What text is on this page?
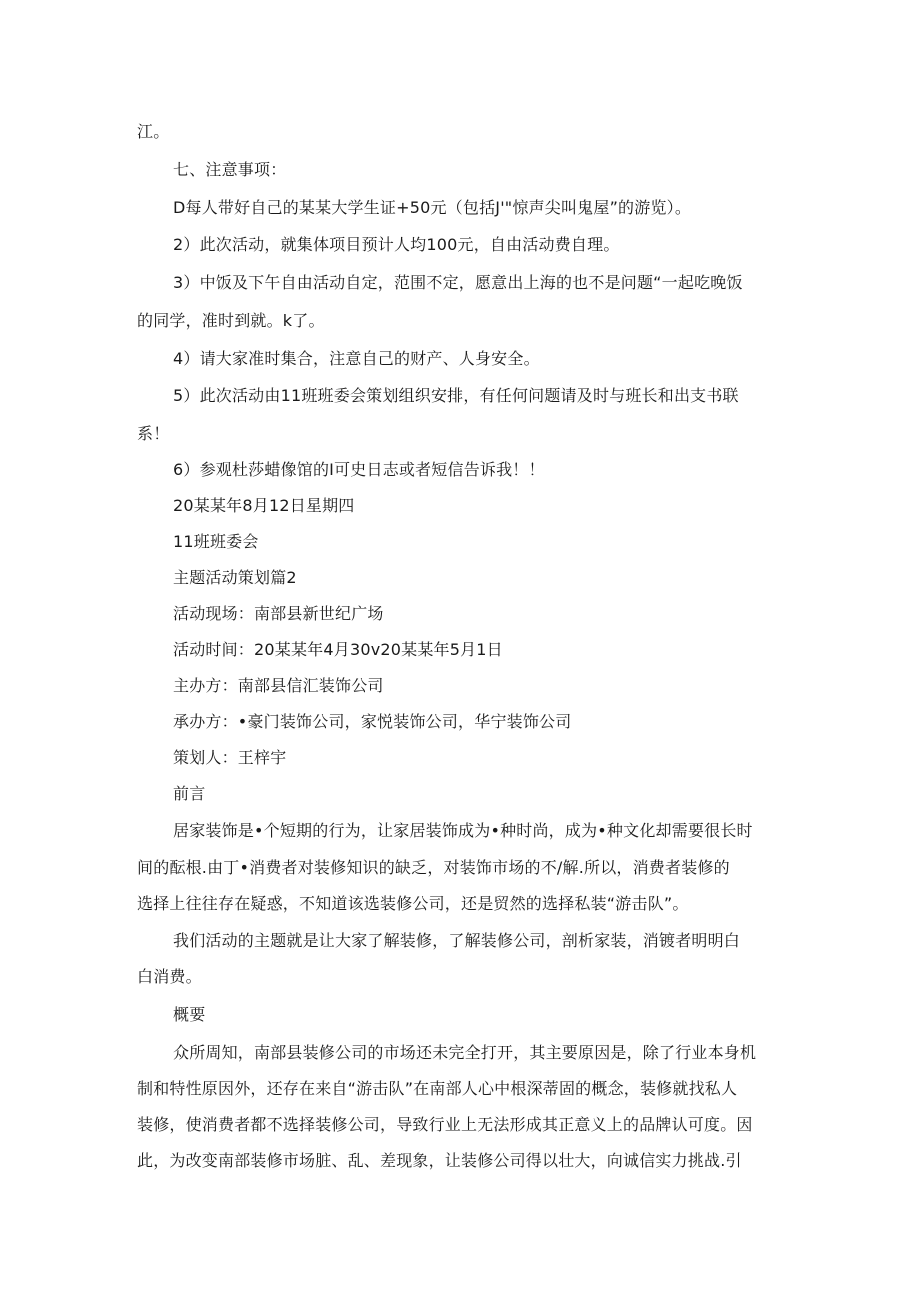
江。
七、注意事项：
D每人带好自己的某某大学生证+50元（包括J'"惊声尖叫鬼屋”的游览）。
2）此次活动，就集体项目预计人均100元，自由活动费自理。
3）中饭及下午自由活动自定，范围不定，愿意出上海的也不是问题“一起吃晚饭
的同学，准时到就。k了。
4）请大家准时集合，注意自己的财产、人身安全。
5）此次活动由11班班委会策划组织安排，有任何问题请及时与班长和出支书联
系！
6）参观杜莎蜡像馆的I可史日志或者短信告诉我！！
20某某年8月12日星期四
11班班委会
主题活动策划篇2
活动现场：南部县新世纪广场
活动时间：20某某年4月30v20某某年5月1日
主办方：南部县信汇装饰公司
承办方：•豪门装饰公司，家悦装饰公司，华宁装饰公司
策划人：王梓宇
前言
居家装饰是•个短期的行为，让家居装饰成为•种时尚，成为•种文化却需要很长时
间的酝根.由丁•消费者对装修知识的缺乏，对装饰市场的不/解.所以，消费者装修的
选择上往往存在疑惑，不知道该选装修公司，还是贸然的选择私装“游击队”。
我们活动的主题就是让大家了解装修，了解装修公司，剖析家装，消镀者明明白
白消费。
概要
众所周知，南部县装修公司的市场还未完全打开，其主要原因是，除了行业本身机
制和特性原因外，还存在来自“游击队”在南部人心中根深蒂固的概念，装修就找私人
装修，使消费者都不选择装修公司，导致行业上无法形成其正意义上的品牌认可度。因
此，为改变南部装修市场脏、乱、差现象，让装修公司得以壮大，向诚信实力挑战.引
